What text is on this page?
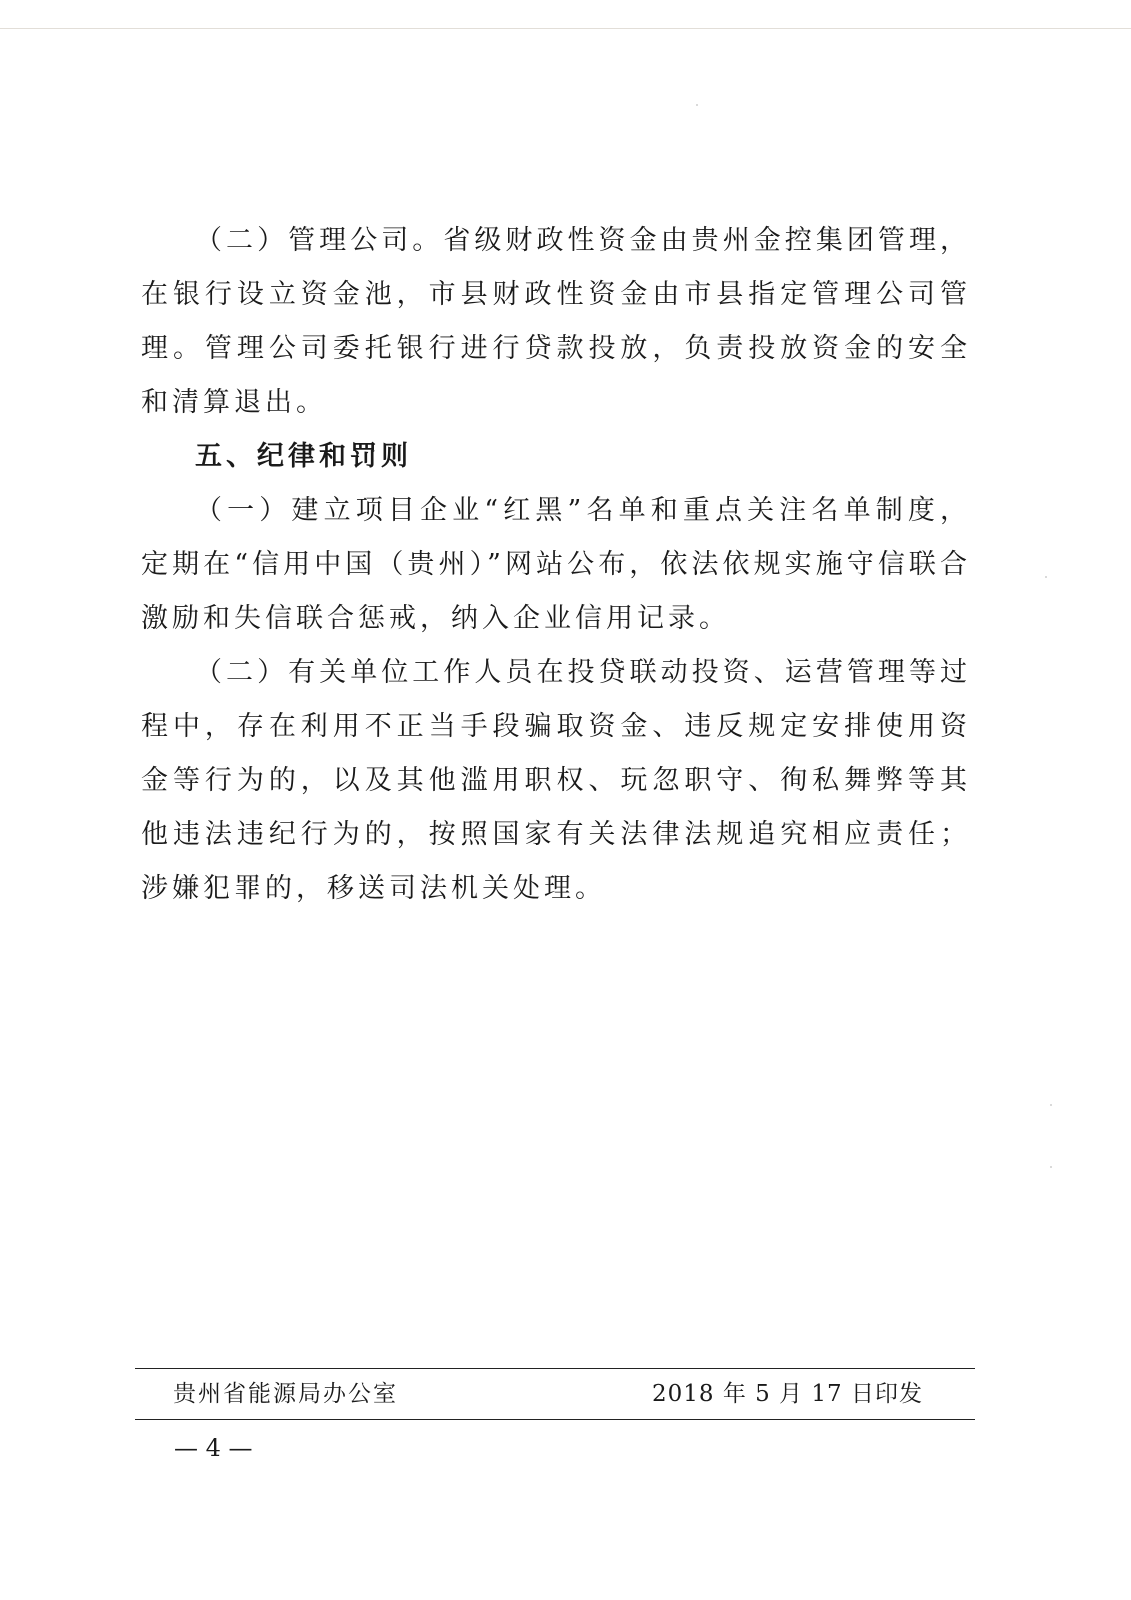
（二）管理公司。省级财政性资金由贵州金控集团管理，在银行设立资金池，市县财政性资金由市县指定管理公司管理。管理公司委托银行进行贷款投放，负责投放资金的安全和清算退出。

五、纪律和罚则

（一）建立项目企业“红黑”名单和重点关注名单制度，定期在“信用中国（贵州）”网站公布，依法依规实施守信联合激励和失信联合惩戒，纳入企业信用记录。

（二）有关单位工作人员在投贷联动投资、运营管理等过程中，存在利用不正当手段骗取资金、违反规定安排使用资金等行为的，以及其他滥用职权、玩忽职守、徇私舞弊等其他违法违纪行为的，按照国家有关法律法规追究相应责任；涉嫌犯罪的，移送司法机关处理。

贵州省能源局办公室	2018 年 5 月 17 日印发
— 4 —
